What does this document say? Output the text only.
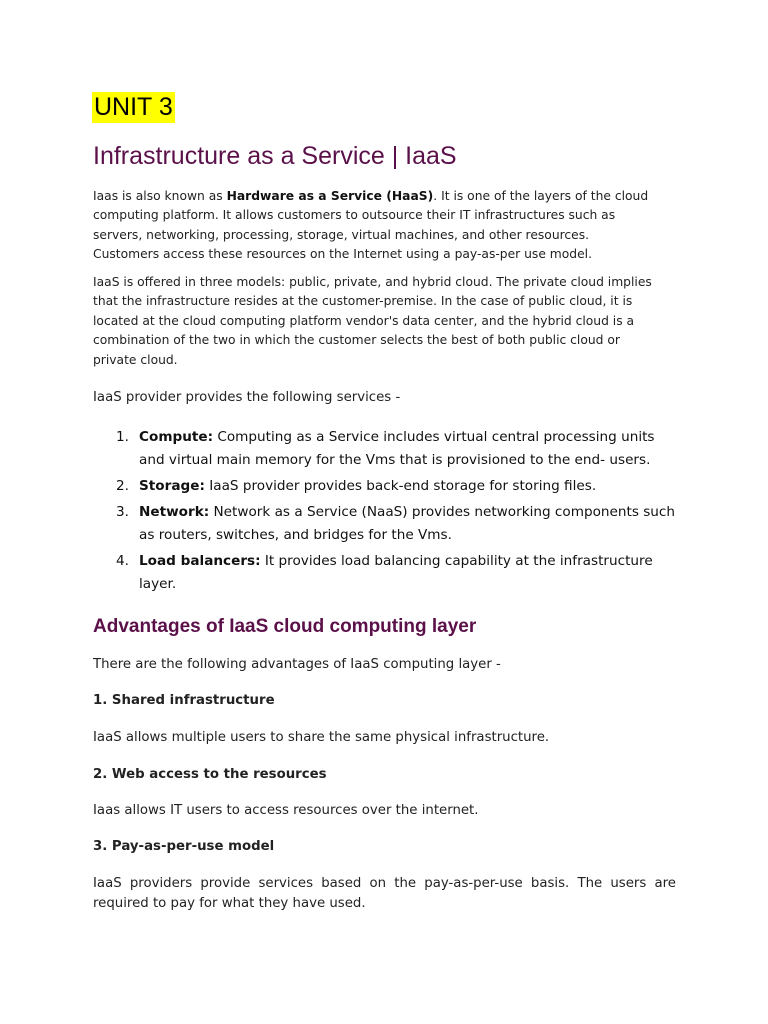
UNIT 3
Infrastructure as a Service | IaaS

Iaas is also known as Hardware as a Service (HaaS). It is one of the layers of the cloud computing platform. It allows customers to outsource their IT infrastructures such as servers, networking, processing, storage, virtual machines, and other resources. Customers access these resources on the Internet using a pay-as-per use model.

IaaS is offered in three models: public, private, and hybrid cloud. The private cloud implies that the infrastructure resides at the customer-premise. In the case of public cloud, it is located at the cloud computing platform vendor's data center, and the hybrid cloud is a combination of the two in which the customer selects the best of both public cloud or private cloud.

IaaS provider provides the following services -

1. Compute: Computing as a Service includes virtual central processing units and virtual main memory for the Vms that is provisioned to the end- users.
2. Storage: IaaS provider provides back-end storage for storing files.
3. Network: Network as a Service (NaaS) provides networking components such as routers, switches, and bridges for the Vms.
4. Load balancers: It provides load balancing capability at the infrastructure layer.
Advantages of IaaS cloud computing layer

There are the following advantages of IaaS computing layer -

1. Shared infrastructure

IaaS allows multiple users to share the same physical infrastructure.

2. Web access to the resources

Iaas allows IT users to access resources over the internet.

3. Pay-as-per-use model

IaaS providers provide services based on the pay-as-per-use basis. The users are required to pay for what they have used.
